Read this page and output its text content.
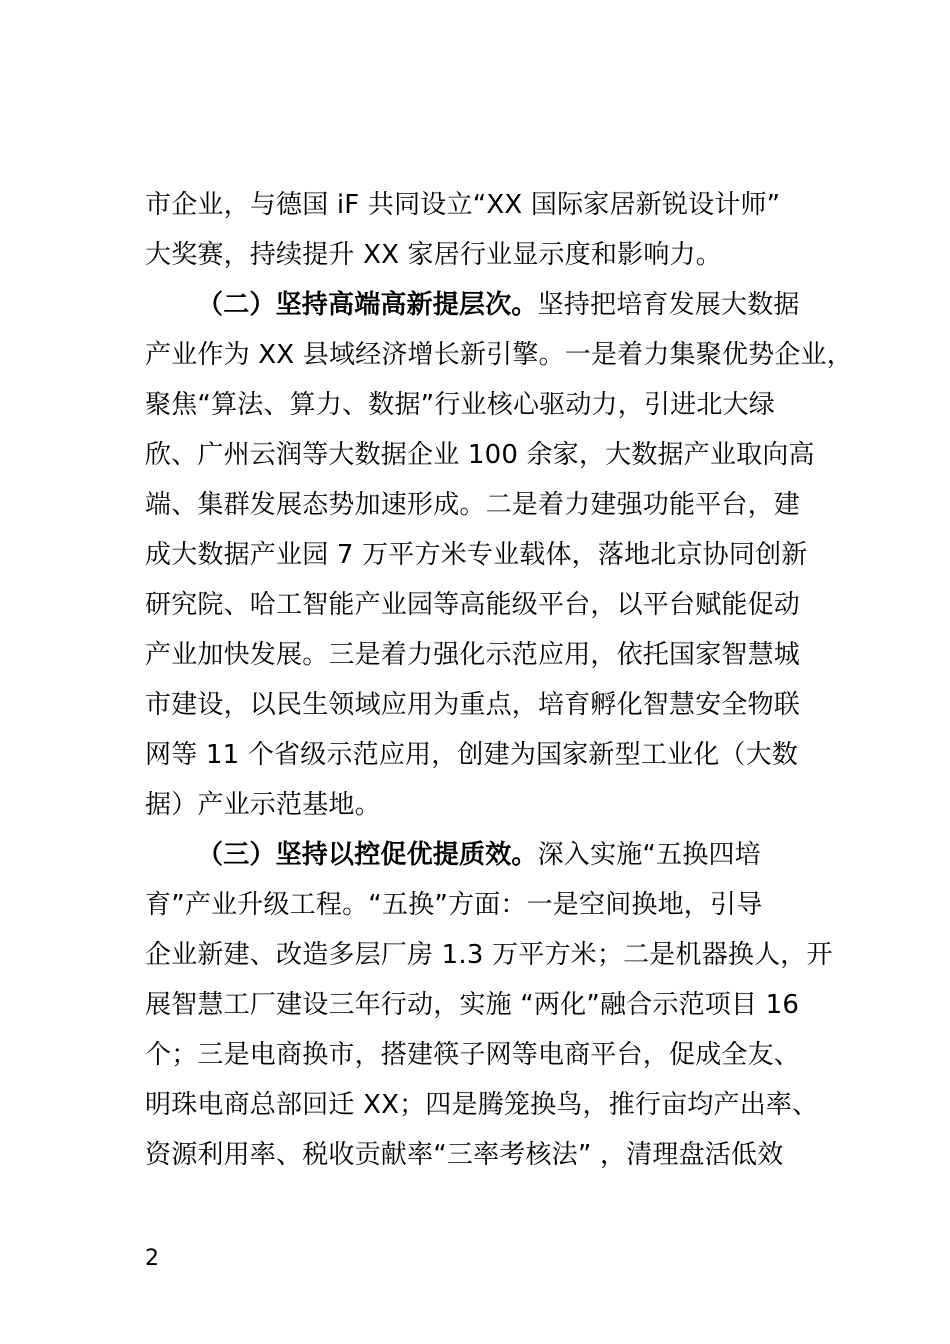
市企业，与德国 iF 共同设立“XX 国际家居新锐设计师”
大奖赛，持续提升 XX 家居行业显示度和影响力。
（二）坚持高端高新提层次。坚持把培育发展大数据
产业作为 XX 县域经济增长新引擎。一是着力集聚优势企业，
聚焦“算法、算力、数据”行业核心驱动力，引进北大绿
欣、广州云润等大数据企业 100 余家，大数据产业取向高
端、集群发展态势加速形成。二是着力建强功能平台，建
成大数据产业园 7 万平方米专业载体，落地北京协同创新
研究院、哈工智能产业园等高能级平台，以平台赋能促动
产业加快发展。三是着力强化示范应用，依托国家智慧城
市建设，以民生领域应用为重点，培育孵化智慧安全物联
网等 11 个省级示范应用，创建为国家新型工业化（大数
据）产业示范基地。
（三）坚持以控促优提质效。深入实施“五换四培
育”产业升级工程。“五换”方面：一是空间换地，引导
企业新建、改造多层厂房 1.3 万平方米；二是机器换人，开
展智慧工厂建设三年行动，实施 “两化”融合示范项目 16
个；三是电商换市，搭建筷子网等电商平台，促成全友、
明珠电商总部回迁 XX；四是腾笼换鸟，推行亩均产出率、
资源利用率、税收贡献率“三率考核法” ，清理盘活低效
2
